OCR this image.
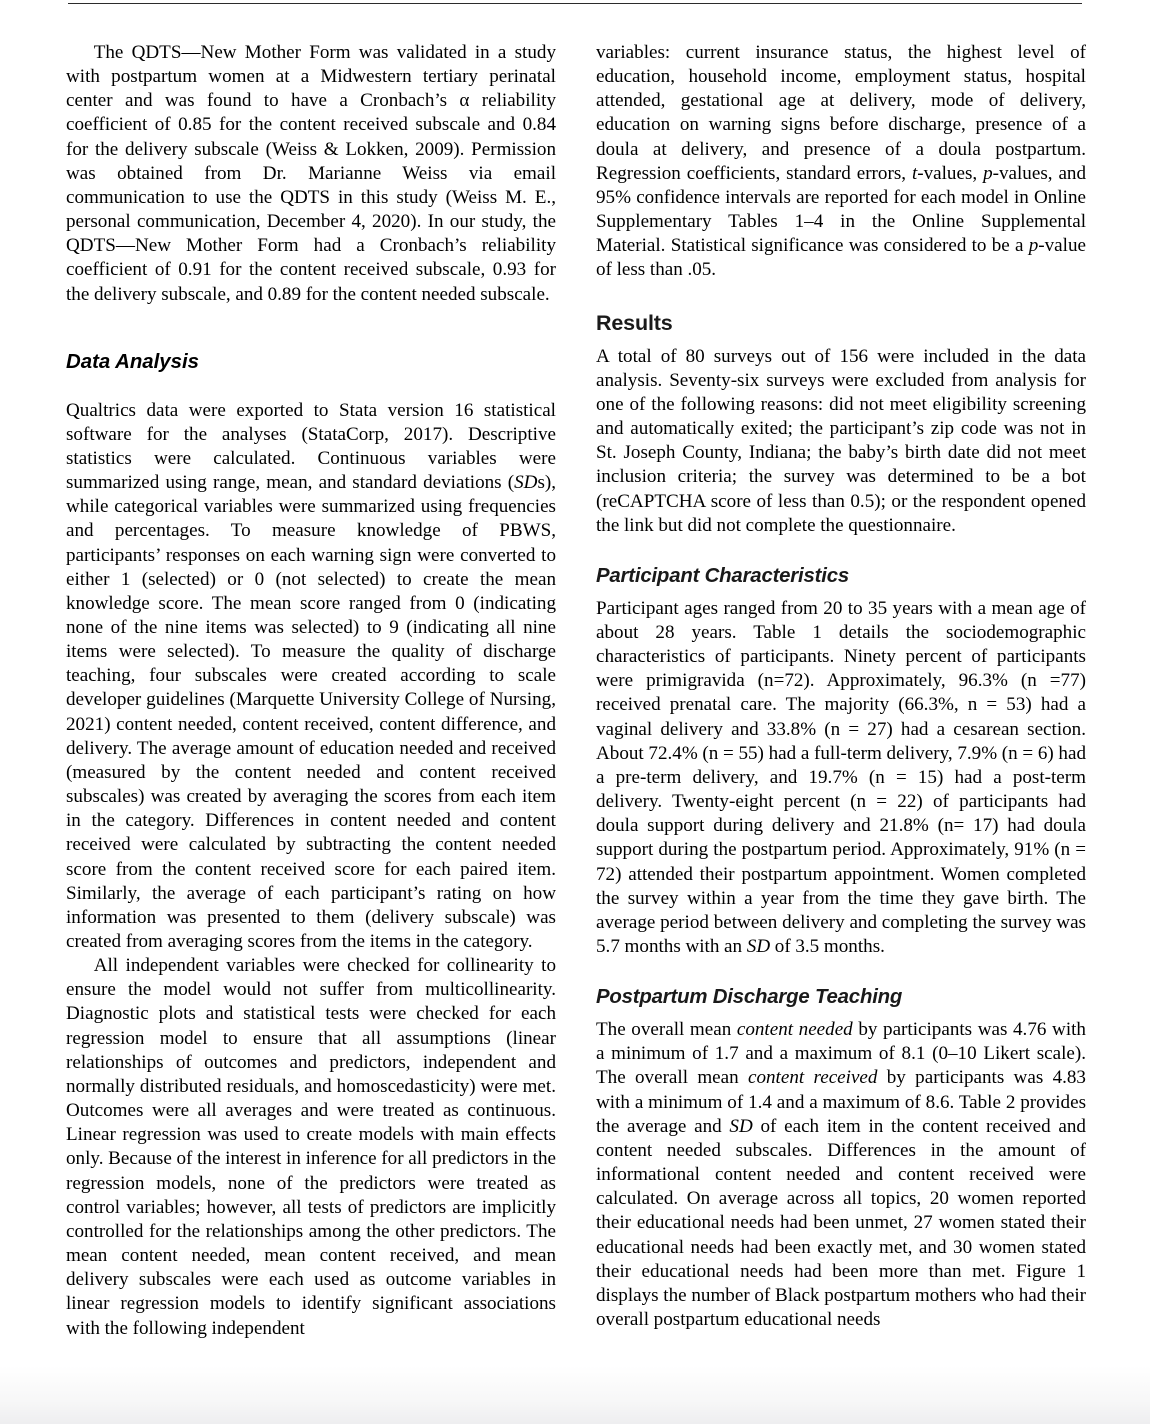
The QDTS—New Mother Form was validated in a study with postpartum women at a Midwestern tertiary perinatal center and was found to have a Cronbach’s α reliability coefficient of 0.85 for the content received subscale and 0.84 for the delivery subscale (Weiss & Lokken, 2009). Permission was obtained from Dr. Marianne Weiss via email communication to use the QDTS in this study (Weiss M. E., personal communication, December 4, 2020). In our study, the QDTS—New Mother Form had a Cronbach’s reliability coefficient of 0.91 for the content received subscale, 0.93 for the delivery subscale, and 0.89 for the content needed subscale.

Data Analysis

Qualtrics data were exported to Stata version 16 statistical software for the analyses (StataCorp, 2017). Descriptive statistics were calculated. Continuous variables were summarized using range, mean, and standard deviations (SDs), while categorical variables were summarized using frequencies and percentages. To measure knowledge of PBWS, participants’ responses on each warning sign were converted to either 1 (selected) or 0 (not selected) to create the mean knowledge score. The mean score ranged from 0 (indicating none of the nine items was selected) to 9 (indicating all nine items were selected). To measure the quality of discharge teaching, four subscales were created according to scale developer guidelines (Marquette University College of Nursing, 2021) content needed, content received, content difference, and delivery. The average amount of education needed and received (measured by the content needed and content received subscales) was created by averaging the scores from each item in the category. Differences in content needed and content received were calculated by subtracting the content needed score from the content received score for each paired item. Similarly, the average of each participant’s rating on how information was presented to them (delivery subscale) was created from averaging scores from the items in the category.

All independent variables were checked for collinearity to ensure the model would not suffer from multicollinearity. Diagnostic plots and statistical tests were checked for each regression model to ensure that all assumptions (linear relationships of outcomes and predictors, independent and normally distributed residuals, and homoscedasticity) were met. Outcomes were all averages and were treated as continuous. Linear regression was used to create models with main effects only. Because of the interest in inference for all predictors in the regression models, none of the predictors were treated as control variables; however, all tests of predictors are implicitly controlled for the relationships among the other predictors. The mean content needed, mean content received, and mean delivery subscales were each used as outcome variables in linear regression models to identify significant associations with the following independent

variables: current insurance status, the highest level of education, household income, employment status, hospital attended, gestational age at delivery, mode of delivery, education on warning signs before discharge, presence of a doula at delivery, and presence of a doula postpartum. Regression coefficients, standard errors, t-values, p-values, and 95% confidence intervals are reported for each model in Online Supplementary Tables 1–4 in the Online Supplemental Material. Statistical significance was considered to be a p-value of less than .05.

Results

A total of 80 surveys out of 156 were included in the data analysis. Seventy-six surveys were excluded from analysis for one of the following reasons: did not meet eligibility screening and automatically exited; the participant’s zip code was not in St. Joseph County, Indiana; the baby’s birth date did not meet inclusion criteria; the survey was determined to be a bot (reCAPTCHA score of less than 0.5); or the respondent opened the link but did not complete the questionnaire.

Participant Characteristics

Participant ages ranged from 20 to 35 years with a mean age of about 28 years. Table 1 details the sociodemographic characteristics of participants. Ninety percent of participants were primigravida (n=72). Approximately, 96.3% (n =77) received prenatal care. The majority (66.3%, n = 53) had a vaginal delivery and 33.8% (n = 27) had a cesarean section. About 72.4% (n = 55) had a full-term delivery, 7.9% (n = 6) had a pre-term delivery, and 19.7% (n = 15) had a post-term delivery. Twenty-eight percent (n = 22) of participants had doula support during delivery and 21.8% (n= 17) had doula support during the postpartum period. Approximately, 91% (n = 72) attended their postpartum appointment. Women completed the survey within a year from the time they gave birth. The average period between delivery and completing the survey was 5.7 months with an SD of 3.5 months.

Postpartum Discharge Teaching

The overall mean content needed by participants was 4.76 with a minimum of 1.7 and a maximum of 8.1 (0–10 Likert scale). The overall mean content received by participants was 4.83 with a minimum of 1.4 and a maximum of 8.6. Table 2 provides the average and SD of each item in the content received and content needed subscales. Differences in the amount of informational content needed and content received were calculated. On average across all topics, 20 women reported their educational needs had been unmet, 27 women stated their educational needs had been exactly met, and 30 women stated their educational needs had been more than met. Figure 1 displays the number of Black postpartum mothers who had their overall postpartum educational needs
